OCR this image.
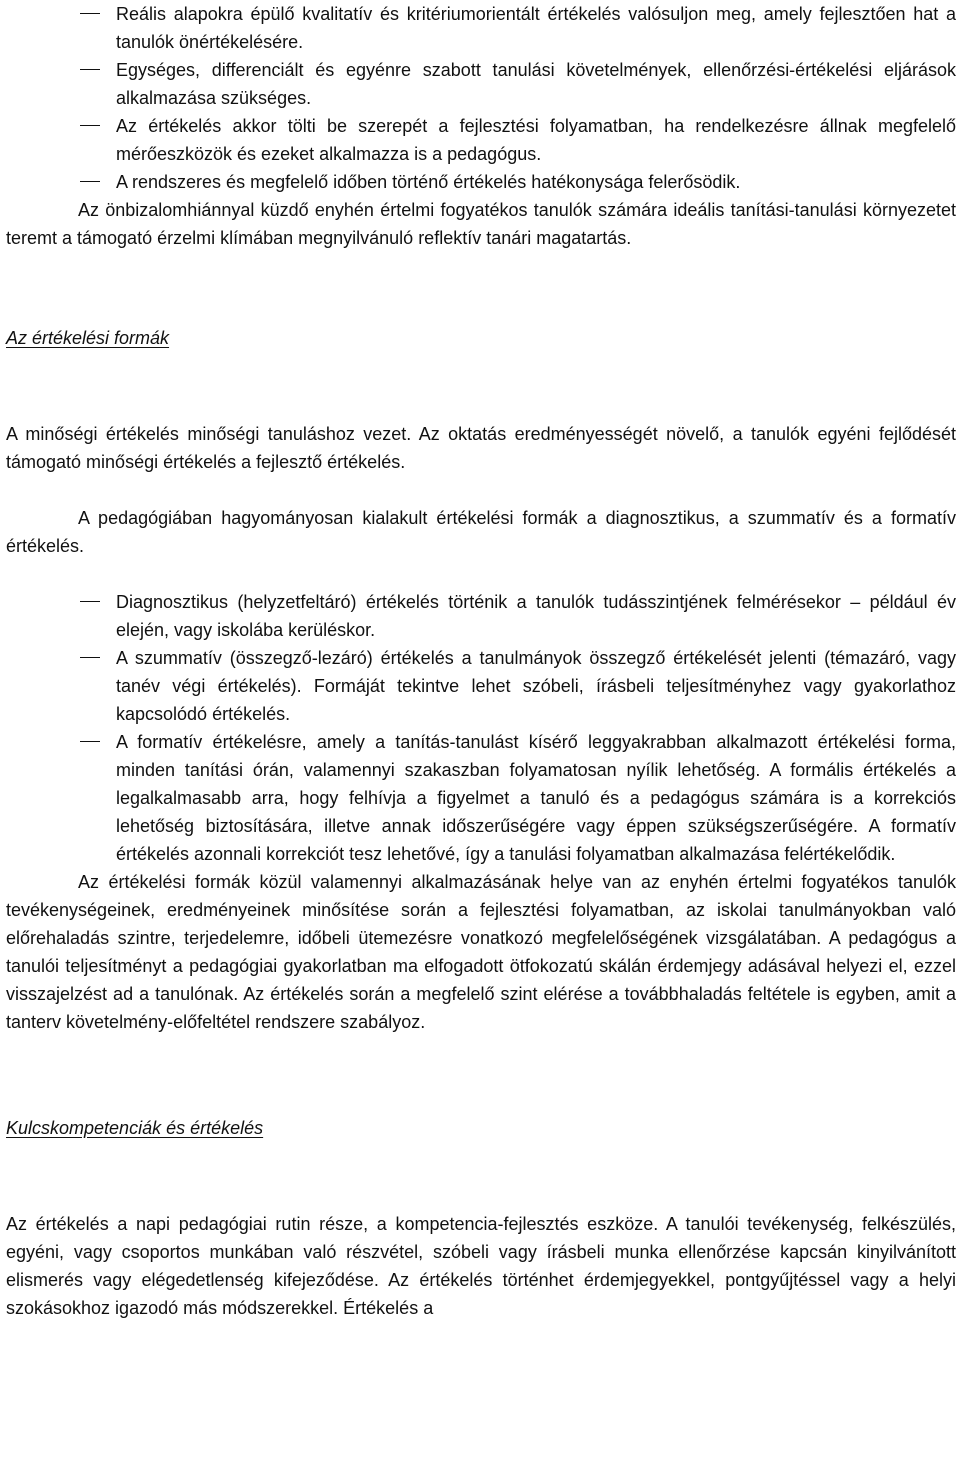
Reális alapokra épülő kvalitatív és kritériumorientált értékelés valósuljon meg, amely fejlesztően hat a tanulók önértékelésére.
Egységes, differenciált és egyénre szabott tanulási követelmények, ellenőrzési-értékelési eljárások alkalmazása szükséges.
Az értékelés akkor tölti be szerepét a fejlesztési folyamatban, ha rendelkezésre állnak megfelelő mérőeszközök és ezeket alkalmazza is a pedagógus.
A rendszeres és megfelelő időben történő értékelés hatékonysága felerősödik.

Az önbizalomhiánnyal küzdő enyhén értelmi fogyatékos tanulók számára ideális tanítási-tanulási környezetet teremt a támogató érzelmi klímában megnyilvánuló reflektív tanári magatartás.

Az értékelési formák

A minőségi értékelés minőségi tanuláshoz vezet. Az oktatás eredményességét növelő, a tanulók egyéni fejlődését támogató minőségi értékelés a fejlesztő értékelés.

A pedagógiában hagyományosan kialakult értékelési formák a diagnosztikus, a szummatív és a formatív értékelés.

Diagnosztikus (helyzetfeltáró) értékelés történik a tanulók tudásszintjének felmérésekor – például év elején, vagy iskolába kerüléskor.
A szummatív (összegző-lezáró) értékelés a tanulmányok összegző értékelését jelenti (témazáró, vagy tanév végi értékelés). Formáját tekintve lehet szóbeli, írásbeli teljesítményhez vagy gyakorlathoz kapcsolódó értékelés.
A formatív értékelésre, amely a tanítás-tanulást kísérő leggyakrabban alkalmazott értékelési forma, minden tanítási órán, valamennyi szakaszban folyamatosan nyílik lehetőség. A formális értékelés a legalkalmasabb arra, hogy felhívja a figyelmet a tanuló és a pedagógus számára is a korrekciós lehetőség biztosítására, illetve annak időszerűségére vagy éppen szükségszerűségére. A formatív értékelés azonnali korrekciót tesz lehetővé, így a tanulási folyamatban alkalmazása felértékelődik.

Az értékelési formák közül valamennyi alkalmazásának helye van az enyhén értelmi fogyatékos tanulók tevékenységeinek, eredményeinek minősítése során a fejlesztési folyamatban, az iskolai tanulmányokban való előrehaladás szintre, terjedelemre, időbeli ütemezésre vonatkozó megfelelőségének vizsgálatában. A pedagógus a tanulói teljesítményt a pedagógiai gyakorlatban ma elfogadott ötfokozatú skálán érdemjegy adásával helyezi el, ezzel visszajelzést ad a tanulónak. Az értékelés során a megfelelő szint elérése a továbbhaladás feltétele is egyben, amit a tanterv követelmény-előfeltétel rendszere szabályoz.

Kulcskompetenciák és értékelés

Az értékelés a napi pedagógiai rutin része, a kompetencia-fejlesztés eszköze. A tanulói tevékenység, felkészülés, egyéni, vagy csoportos munkában való részvétel, szóbeli vagy írásbeli munka ellenőrzése kapcsán kinyilvánított elismerés vagy elégedetlenség kifejeződése. Az értékelés történhet érdemjegyekkel, pontgyűjtéssel vagy a helyi szokásokhoz igazodó más módszerekkel. Értékelés a
